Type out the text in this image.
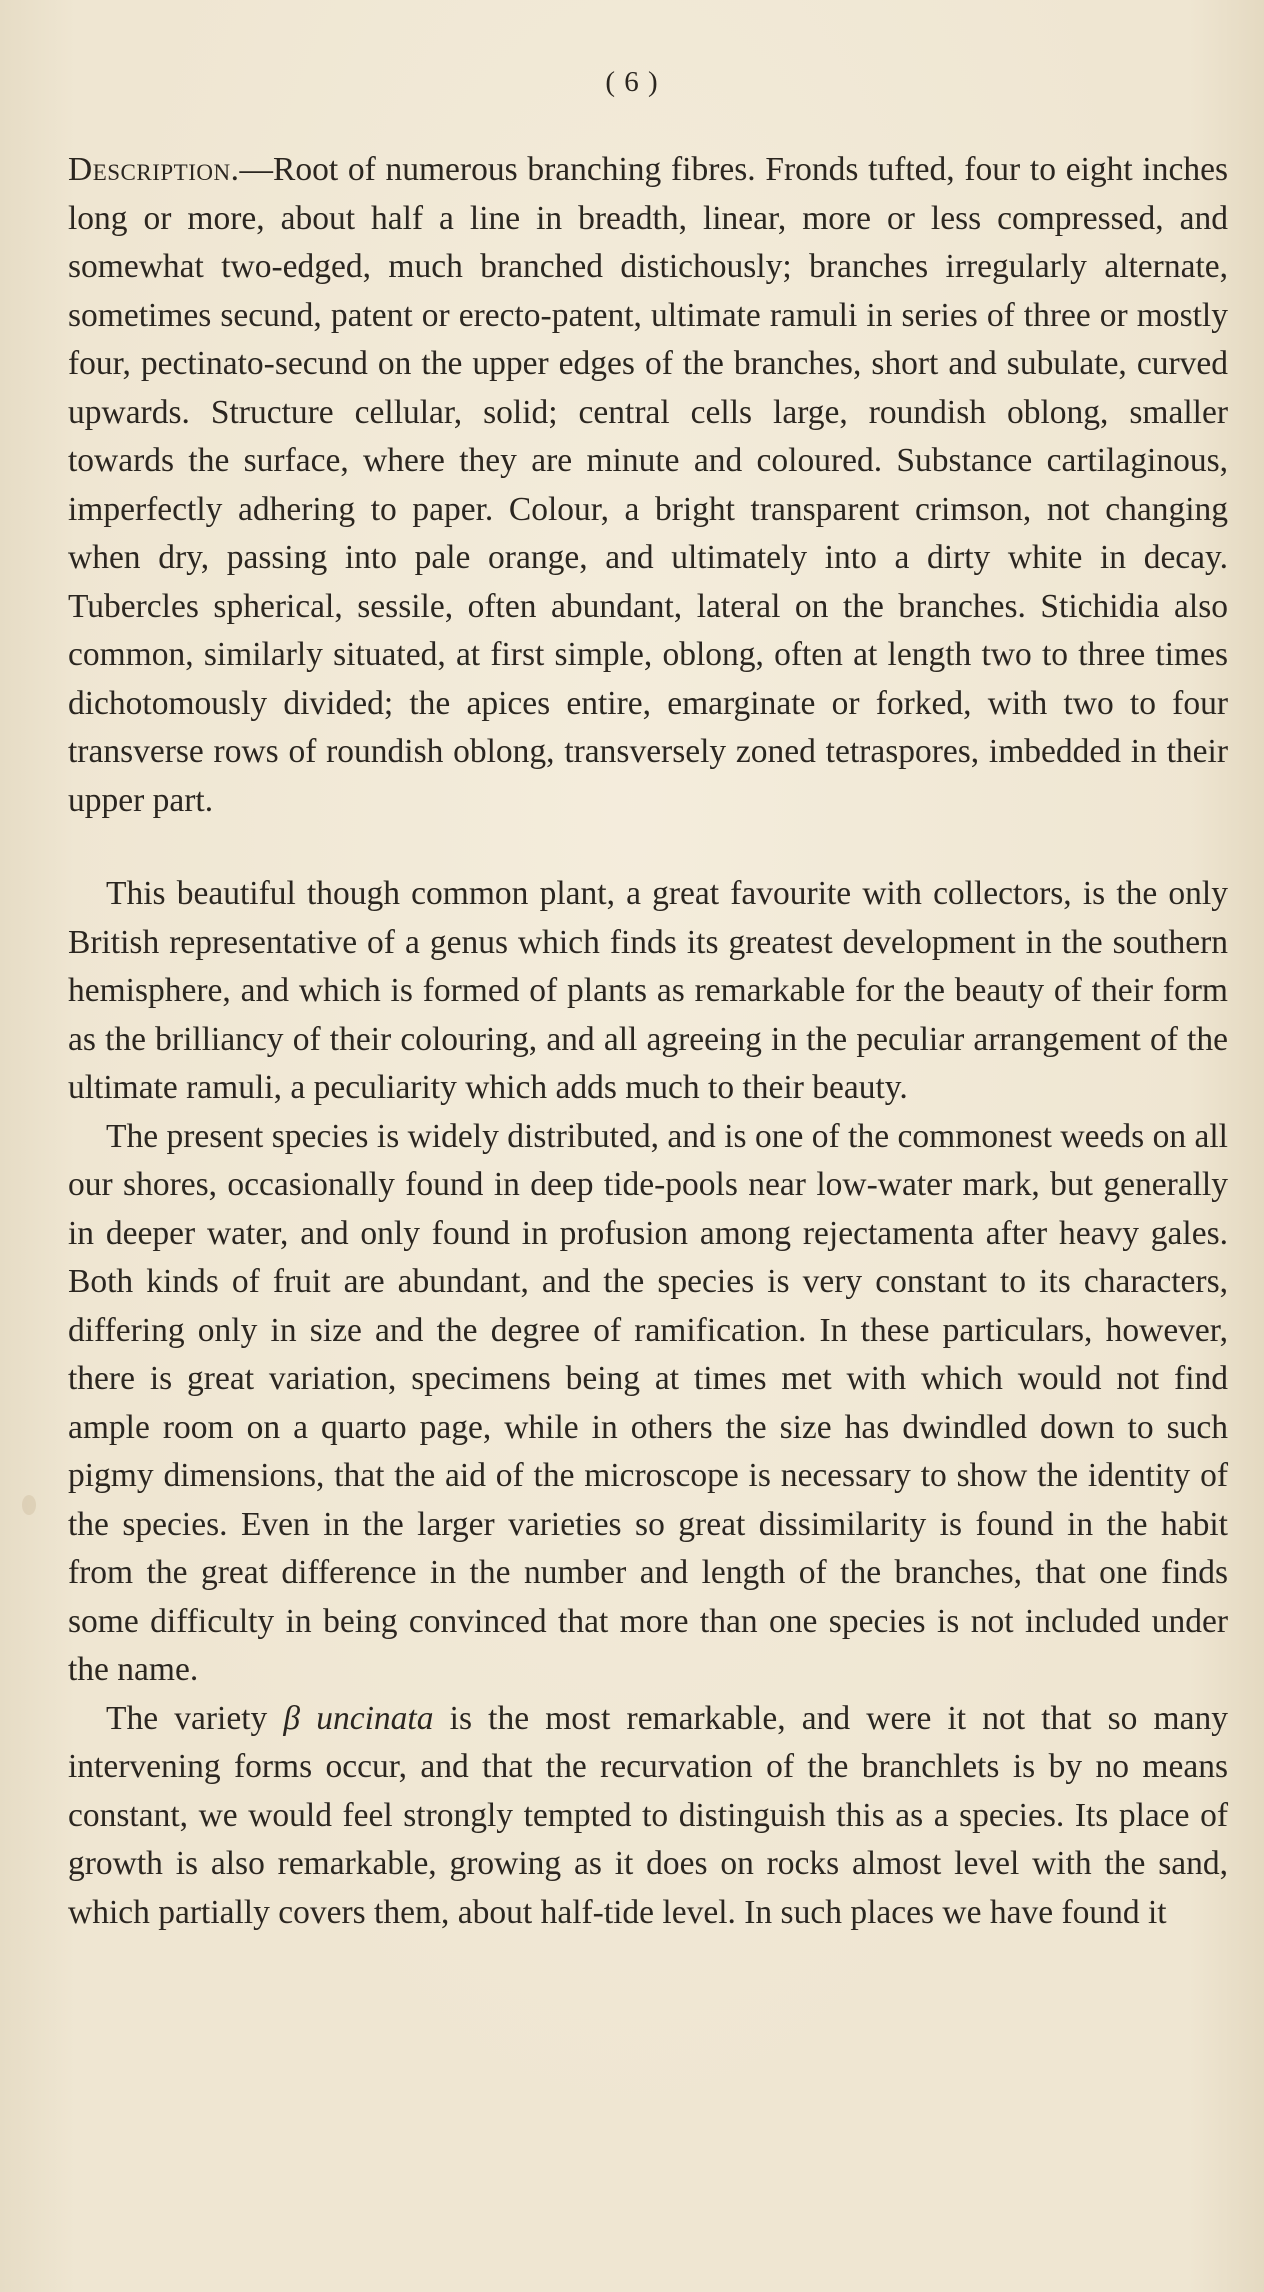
( 6 )

Description.—Root of numerous branching fibres. Fronds tufted, four to eight inches long or more, about half a line in breadth, linear, more or less compressed, and somewhat two-edged, much branched distichously; branches irregularly alternate, sometimes secund, patent or erecto-patent, ultimate ramuli in series of three or mostly four, pectinato-secund on the upper edges of the branches, short and subulate, curved upwards. Structure cellular, solid; central cells large, roundish oblong, smaller towards the surface, where they are minute and coloured. Substance cartilaginous, imperfectly adhering to paper. Colour, a bright transparent crimson, not changing when dry, passing into pale orange, and ultimately into a dirty white in decay. Tubercles spherical, sessile, often abundant, lateral on the branches. Stichidia also common, similarly situated, at first simple, oblong, often at length two to three times dichotomously divided; the apices entire, emarginate or forked, with two to four transverse rows of roundish oblong, transversely zoned tetraspores, imbedded in their upper part.

This beautiful though common plant, a great favourite with collectors, is the only British representative of a genus which finds its greatest development in the southern hemisphere, and which is formed of plants as remarkable for the beauty of their form as the brilliancy of their colouring, and all agreeing in the peculiar arrangement of the ultimate ramuli, a peculiarity which adds much to their beauty.

The present species is widely distributed, and is one of the commonest weeds on all our shores, occasionally found in deep tide-pools near low-water mark, but generally in deeper water, and only found in profusion among rejectamenta after heavy gales. Both kinds of fruit are abundant, and the species is very constant to its characters, differing only in size and the degree of ramification. In these particulars, however, there is great variation, specimens being at times met with which would not find ample room on a quarto page, while in others the size has dwindled down to such pigmy dimensions, that the aid of the microscope is necessary to show the identity of the species. Even in the larger varieties so great dissimilarity is found in the habit from the great difference in the number and length of the branches, that one finds some difficulty in being convinced that more than one species is not included under the name.

The variety β uncinata is the most remarkable, and were it not that so many intervening forms occur, and that the recurvation of the branchlets is by no means constant, we would feel strongly tempted to distinguish this as a species. Its place of growth is also remarkable, growing as it does on rocks almost level with the sand, which partially covers them, about half-tide level. In such places we have found it
